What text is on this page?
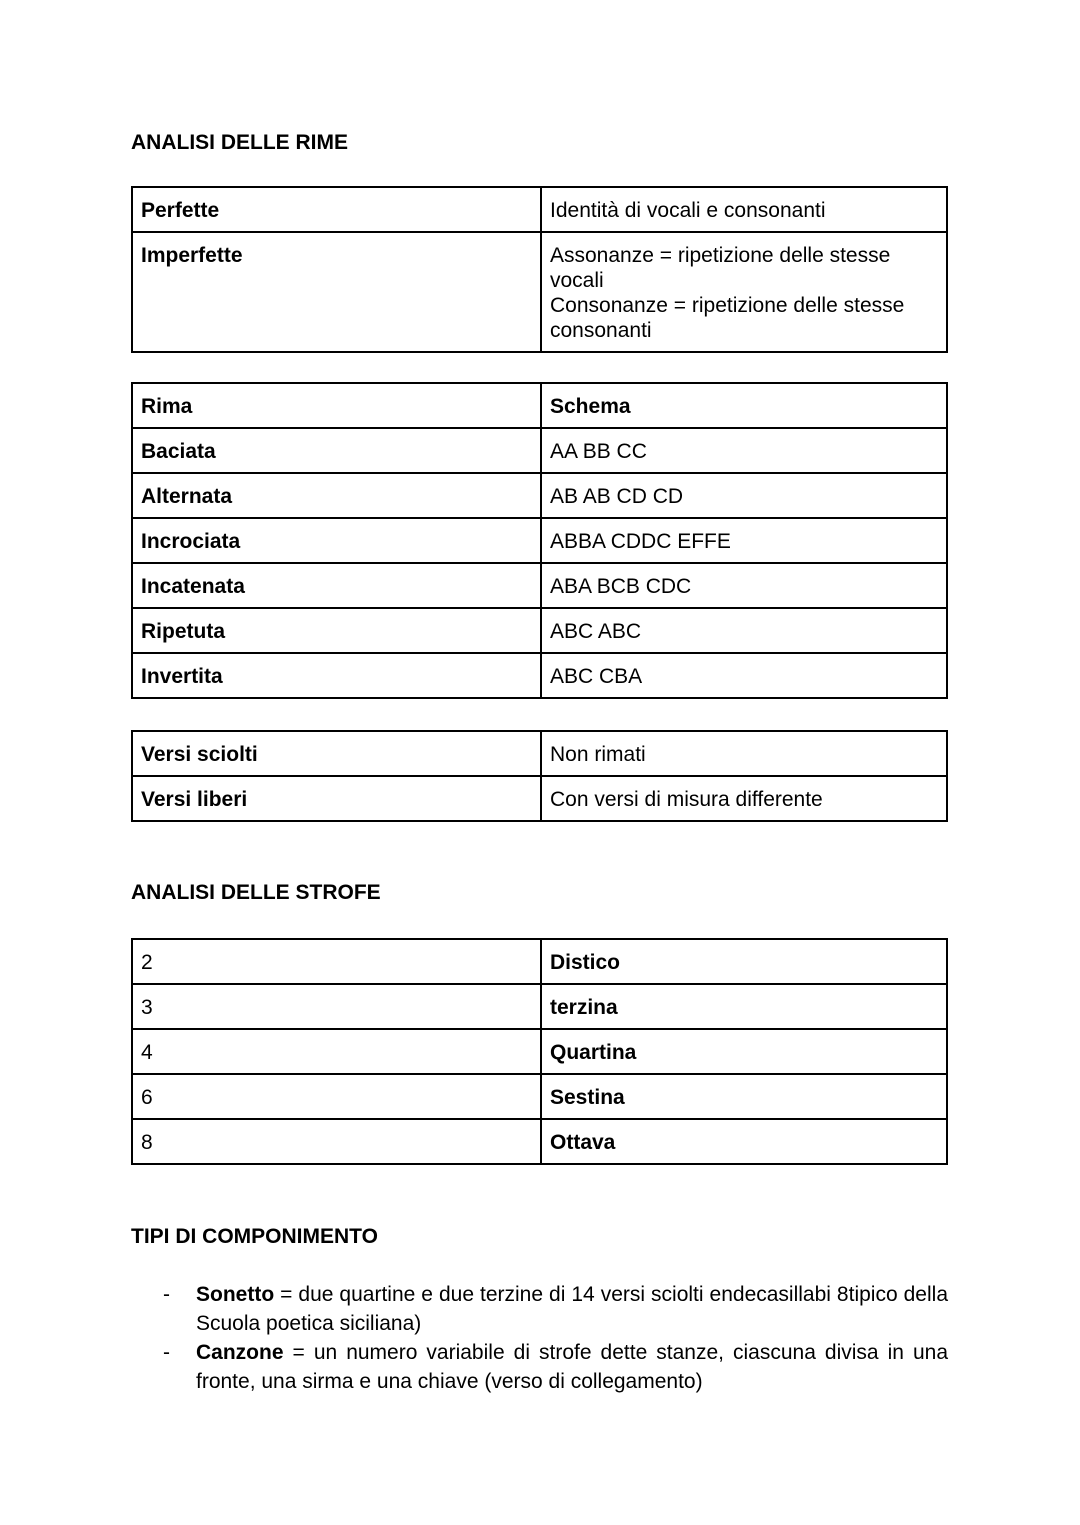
ANALISI DELLE RIME
Perfette	Identità di vocali e consonanti
Imperfette	Assonanze = ripetizione delle stesse
vocali
Consonanze = ripetizione delle stesse
consonanti
Rima	Schema
Baciata	AA BB CC
Alternata	AB AB CD CD
Incrociata	ABBA CDDC EFFE
Incatenata	ABA BCB CDC
Ripetuta	ABC ABC
Invertita	ABC CBA
Versi sciolti	Non rimati
Versi liberi	Con versi di misura differente
ANALISI DELLE STROFE
2	Distico
3	terzina
4	Quartina
6	Sestina
8	Ottava
TIPI DI COMPONIMENTO
- Sonetto = due quartine e due terzine di 14 versi sciolti endecasillabi 8tipico della Scuola poetica siciliana)
- Canzone = un numero variabile di strofe dette stanze, ciascuna divisa in una fronte, una sirma e una chiave (verso di collegamento)
